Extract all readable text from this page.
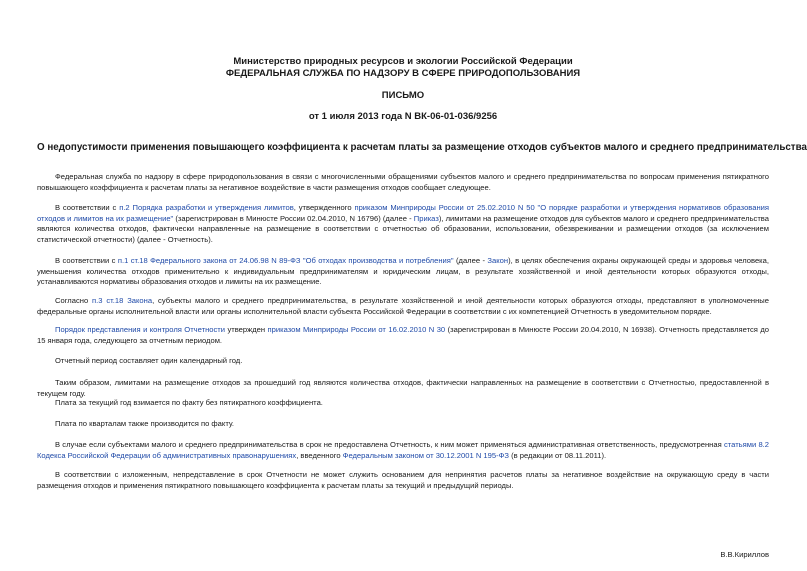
Министерство природных ресурсов и экологии Российской Федерации
ФЕДЕРАЛЬНАЯ СЛУЖБА ПО НАДЗОРУ В СФЕРЕ ПРИРОДОПОЛЬЗОВАНИЯ
ПИСЬМО
от 1 июля 2013 года N ВК-06-01-036/9256
О недопустимости применения повышающего коэффициента к расчетам платы за размещение отходов субъектов малого и среднего предпринимательства

Федеральная служба по надзору в сфере природопользования в связи с многочисленными обращениями субъектов малого и среднего предпринимательства по вопросам применения пятикратного повышающего коэффициента к расчетам платы за негативное воздействие в части размещения отходов сообщает следующее.

В соответствии с п.2 Порядка разработки и утверждения лимитов, утвержденного приказом Минприроды России от 25.02.2010 N 50 "О порядке разработки и утверждения нормативов образования отходов и лимитов на их размещение" (зарегистрирован в Минюсте России 02.04.2010, N 16796) (далее - Приказ), лимитами на размещение отходов для субъектов малого и среднего предпринимательства являются количества отходов, фактически направленные на размещение в соответствии с отчетностью об образовании, использовании, обезвреживании и размещении отходов (за исключением статистической отчетности) (далее - Отчетность).

В соответствии с п.1 ст.18 Федерального закона от 24.06.98 N 89-ФЗ "Об отходах производства и потребления" (далее - Закон), в целях обеспечения охраны окружающей среды и здоровья человека, уменьшения количества отходов применительно к индивидуальным предпринимателям и юридическим лицам, в результате хозяйственной и иной деятельности которых образуются отходы, устанавливаются нормативы образования отходов и лимиты на их размещение.

Согласно п.3 ст.18 Закона, субъекты малого и среднего предпринимательства, в результате хозяйственной и иной деятельности которых образуются отходы, представляют в уполномоченные федеральные органы исполнительной власти или органы исполнительной власти субъекта Российской Федерации в соответствии с их компетенцией Отчетность в уведомительном порядке.

Порядок представления и контроля Отчетности утвержден приказом Минприроды России от 16.02.2010 N 30 (зарегистрирован в Минюсте России 20.04.2010, N 16938). Отчетность представляется до 15 января года, следующего за отчетным периодом.

Отчетный период составляет один календарный год.

Таким образом, лимитами на размещение отходов за прошедший год являются количества отходов, фактически направленных на размещение в соответствии с Отчетностью, предоставленной в текущем году.

Плата за текущий год взимается по факту без пятикратного коэффициента.

Плата по кварталам также производится по факту.

В случае если субъектами малого и среднего предпринимательства в срок не предоставлена Отчетность, к ним может применяться административная ответственность, предусмотренная статьями 8.2 Кодекса Российской Федерации об административных правонарушениях, введенного Федеральным законом от 30.12.2001 N 195-ФЗ (в редакции от 08.11.2011).

В соответствии с изложенным, непредставление в срок Отчетности не может служить основанием для непринятия расчетов платы за негативное воздействие на окружающую среду в части размещения отходов и применения пятикратного повышающего коэффициента к расчетам платы за текущий и предыдущий периоды.

В.В.Кириллов
